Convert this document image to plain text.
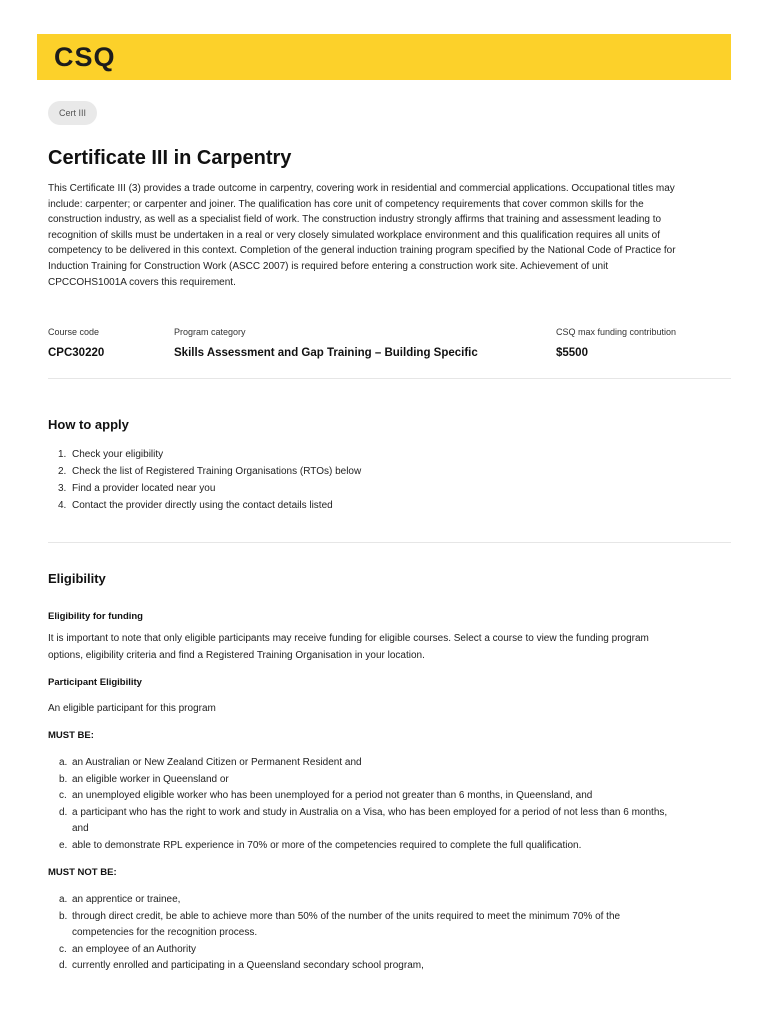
CSQ
Cert III
Certificate III in Carpentry

This Certificate III (3) provides a trade outcome in carpentry, covering work in residential and commercial applications. Occupational titles may include: carpenter; or carpenter and joiner. The qualification has core unit of competency requirements that cover common skills for the construction industry, as well as a specialist field of work. The construction industry strongly affirms that training and assessment leading to recognition of skills must be undertaken in a real or very closely simulated workplace environment and this qualification requires all units of competency to be delivered in this context. Completion of the general induction training program specified by the National Code of Practice for Induction Training for Construction Work (ASCC 2007) is required before entering a construction work site. Achievement of unit CPCCOHS1001A covers this requirement.

Course code	Program category	CSQ max funding contribution
CPC30220	Skills Assessment and Gap Training – Building Specific	$5500
How to apply
1. Check your eligibility
2. Check the list of Registered Training Organisations (RTOs) below
3. Find a provider located near you
4. Contact the provider directly using the contact details listed
Eligibility
Eligibility for funding

It is important to note that only eligible participants may receive funding for eligible courses. Select a course to view the funding program options, eligibility criteria and find a Registered Training Organisation in your location.

Participant Eligibility

An eligible participant for this program

MUST BE:
a. an Australian or New Zealand Citizen or Permanent Resident and
b. an eligible worker in Queensland or
c. an unemployed eligible worker who has been unemployed for a period not greater than 6 months, in Queensland, and
d. a participant who has the right to work and study in Australia on a Visa, who has been employed for a period of not less than 6 months, and
e. able to demonstrate RPL experience in 70% or more of the competencies required to complete the full qualification.
MUST NOT BE:
a. an apprentice or trainee,
b. through direct credit, be able to achieve more than 50% of the number of the units required to meet the minimum 70% of the competencies for the recognition process.
c. an employee of an Authority
d. currently enrolled and participating in a Queensland secondary school program,
